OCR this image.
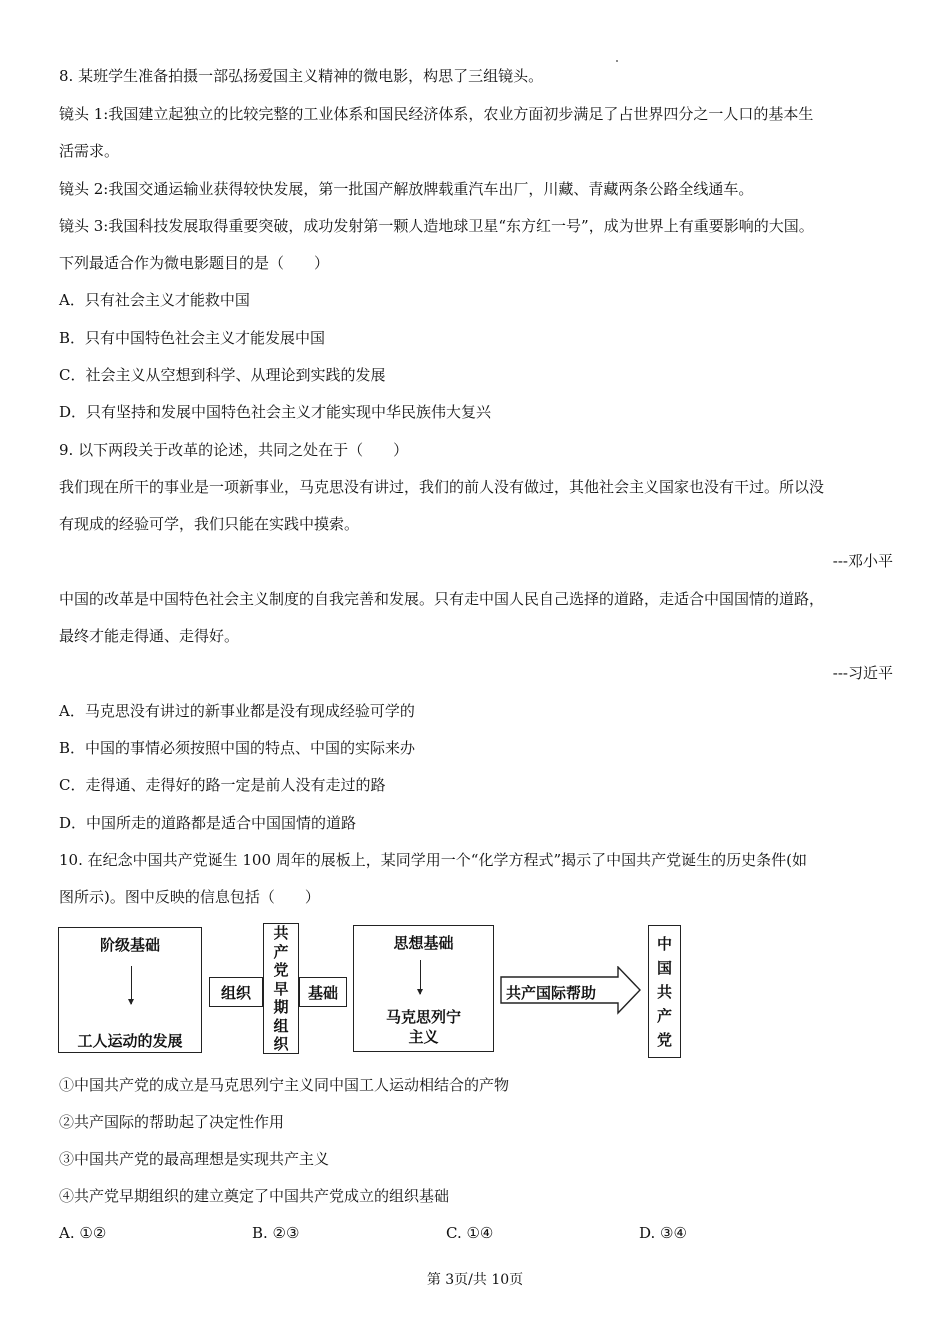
8. 某班学生准备拍摄一部弘扬爱国主义精神的微电影，构思了三组镜头。
镜头 1:我国建立起独立的比较完整的工业体系和国民经济体系，农业方面初步满足了占世界四分之一人口的基本生
活需求。
镜头 2:我国交通运输业获得较快发展，第一批国产解放牌载重汽车出厂，川藏、青藏两条公路全线通车。
镜头 3:我国科技发展取得重要突破，成功发射第一颗人造地球卫星“东方红一号”，成为世界上有重要影响的大国。
下列最适合作为微电影题目的是（　　）
A．只有社会主义才能救中国
B．只有中国特色社会主义才能发展中国
C．社会主义从空想到科学、从理论到实践的发展
D．只有坚持和发展中国特色社会主义才能实现中华民族伟大复兴
9. 以下两段关于改革的论述，共同之处在于（　　）
我们现在所干的事业是一项新事业，马克思没有讲过，我们的前人没有做过，其他社会主义国家也没有干过。所以没
有现成的经验可学，我们只能在实践中摸索。
---邓小平
中国的改革是中国特色社会主义制度的自我完善和发展。只有走中国人民自己选择的道路，走适合中国国情的道路，
最终才能走得通、走得好。
---习近平
A．马克思没有讲过的新事业都是没有现成经验可学的
B．中国的事情必须按照中国的特点、中国的实际来办
C．走得通、走得好的路一定是前人没有走过的路
D．中国所走的道路都是适合中国国情的道路
10. 在纪念中国共产党诞生 100 周年的展板上，某同学用一个“化学方程式”揭示了中国共产党诞生的历史条件(如
图所示)。图中反映的信息包括（　　）
阶级基础
工人运动的发展
组织
共
产
党
早
期
组
织
基础
思想基础
马克思列宁
主义
共产国际帮助
中
国
共
产
党
①中国共产党的成立是马克思列宁主义同中国工人运动相结合的产物
②共产国际的帮助起了决定性作用
③中国共产党的最高理想是实现共产主义
④共产党早期组织的建立奠定了中国共产党成立的组织基础
A. ①②	B. ②③	C. ①④	D. ③④
第 3页/共 10页
